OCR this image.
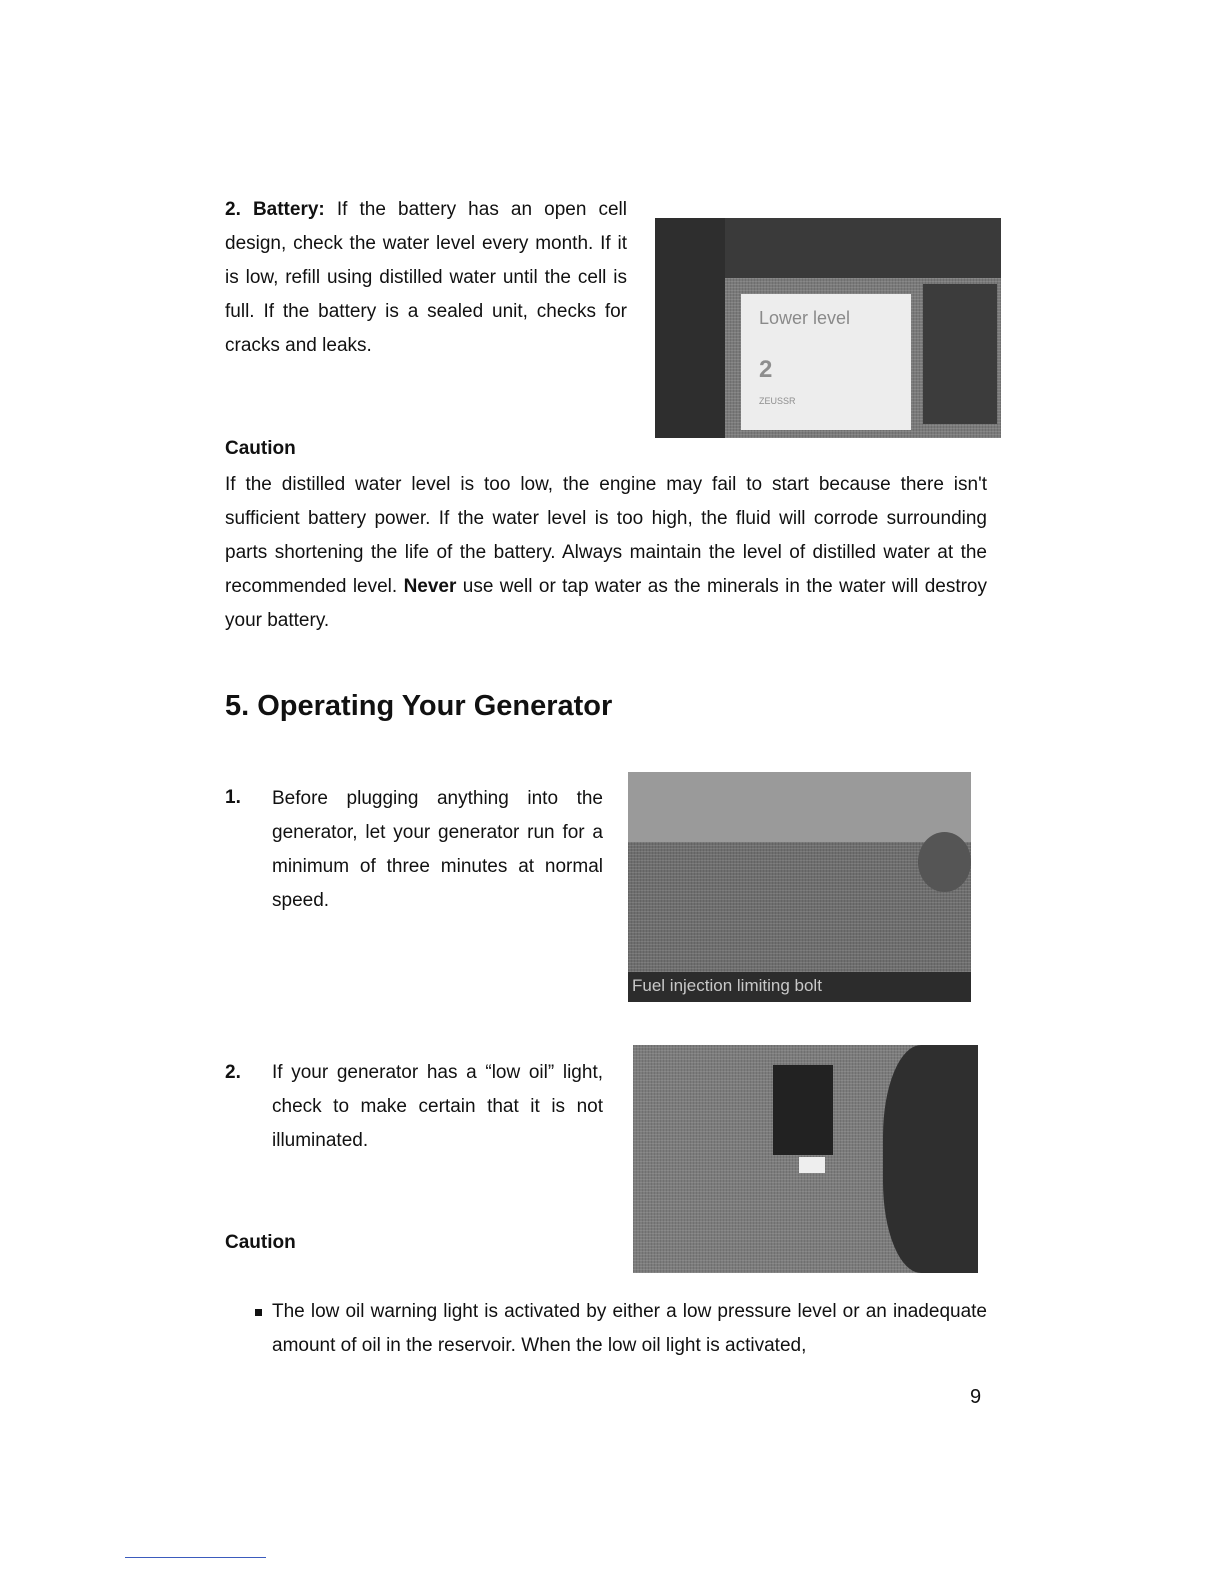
2. Battery: If the battery has an open cell design, check the water level every month. If it is low, refill using distilled water until the cell is full. If the battery is a sealed unit, checks for cracks and leaks.

Lower level
2
ZEUSSR
Caution

If the distilled water level is too low, the engine may fail to start because there isn't sufficient battery power. If the water level is too high, the fluid will corrode surrounding parts shortening the life of the battery. Always maintain the level of distilled water at the recommended level. Never use well or tap water as the minerals in the water will destroy your battery.

5. Operating Your Generator
1. Before plugging anything into the generator, let your generator run for a minimum of three minutes at normal speed.

Fuel injection limiting bolt
2. If your generator has a “low oil” light, check to make certain that it is not illuminated.

Caution

The low oil warning light is activated by either a low pressure level or an inadequate amount of oil in the reservoir. When the low oil light is activated,

9
